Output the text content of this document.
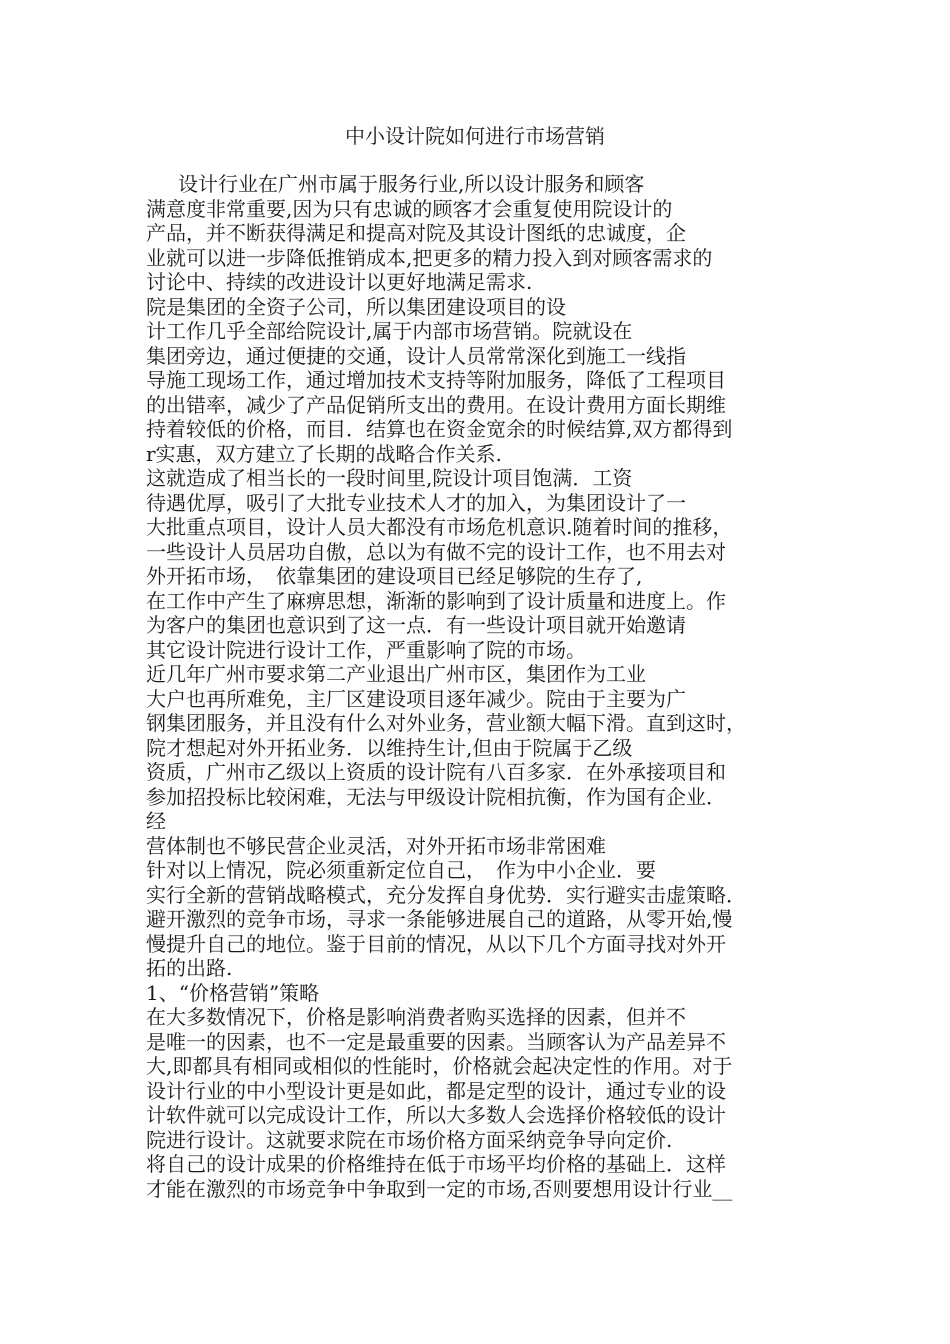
中小设计院如何进行市场营销
设计行业在广州市属于服务行业,所以设计服务和顾客
满意度非常重要,因为只有忠诚的顾客才会重复使用院设计的
产品，并不断获得满足和提高对院及其设计图纸的忠诚度，企
业就可以进一步降低推销成本,把更多的精力投入到对顾客需求的
讨论中、持续的改进设计以更好地满足需求.
院是集团的全资子公司，所以集团建设项目的设
计工作几乎全部给院设计,属于内部市场营销。院就设在
集团旁边，通过便捷的交通，设计人员常常深化到施工一线指
导施工现场工作，通过增加技术支持等附加服务，降低了工程项目
的出错率，减少了产品促销所支出的费用。在设计费用方面长期维
持着较低的价格，而目．结算也在资金宽余的时候结算,双方都得到
r实惠，双方建立了长期的战略合作关系.
这就造成了相当长的一段时间里,院设计项目饱满．工资
待遇优厚，吸引了大批专业技术人才的加入，为集团设计了一
大批重点项目，设计人员大都没有市场危机意识.随着时间的推移，
一些设计人员居功自傲，总以为有做不完的设计工作，也不用去对
外开拓市场，　依靠集团的建设项目已经足够院的生存了,
在工作中产生了麻痹思想，渐渐的影响到了设计质量和进度上。作
为客户的集团也意识到了这一点．有一些设计项目就开始邀请
其它设计院进行设计工作，严重影响了院的市场。
近几年广州市要求第二产业退出广州市区，集团作为工业
大户也再所难免，主厂区建设项目逐年减少。院由于主要为广
钢集团服务，并且没有什么对外业务，营业额大幅下滑。直到这时，
院才想起对外开拓业务．以维持生计,但由于院属于乙级
资质，广州市乙级以上资质的设计院有八百多家．在外承接项目和
参加招投标比较闲难，无法与甲级设计院相抗衡，作为国有企业．
经
营体制也不够民营企业灵活，对外开拓市场非常困难
针对以上情况，院必须重新定位自己，　作为中小企业．要
实行全新的营销战略模式，充分发挥自身优势．实行避实击虚策略．
避开激烈的竞争市场，寻求一条能够进展自己的道路，从零开始,慢
慢提升自己的地位。鉴于目前的情况，从以下几个方面寻找对外开
拓的出路.
1、“价格营销”策略
在大多数情况下，价格是影响消费者购买选择的因素，但并不
是唯一的因素，也不一定是最重要的因素。当顾客认为产品差异不
大,即都具有相同或相似的性能时，价格就会起决定性的作用。对于
设计行业的中小型设计更是如此，都是定型的设计，通过专业的设
计软件就可以完成设计工作，所以大多数人会选择价格较低的设计
院进行设计。这就要求院在市场价格方面采纳竞争导向定价.
将自己的设计成果的价格维持在低于市场平均价格的基础上．这样
才能在激烈的市场竞争中争取到一定的市场,否则要想用设计行业__
